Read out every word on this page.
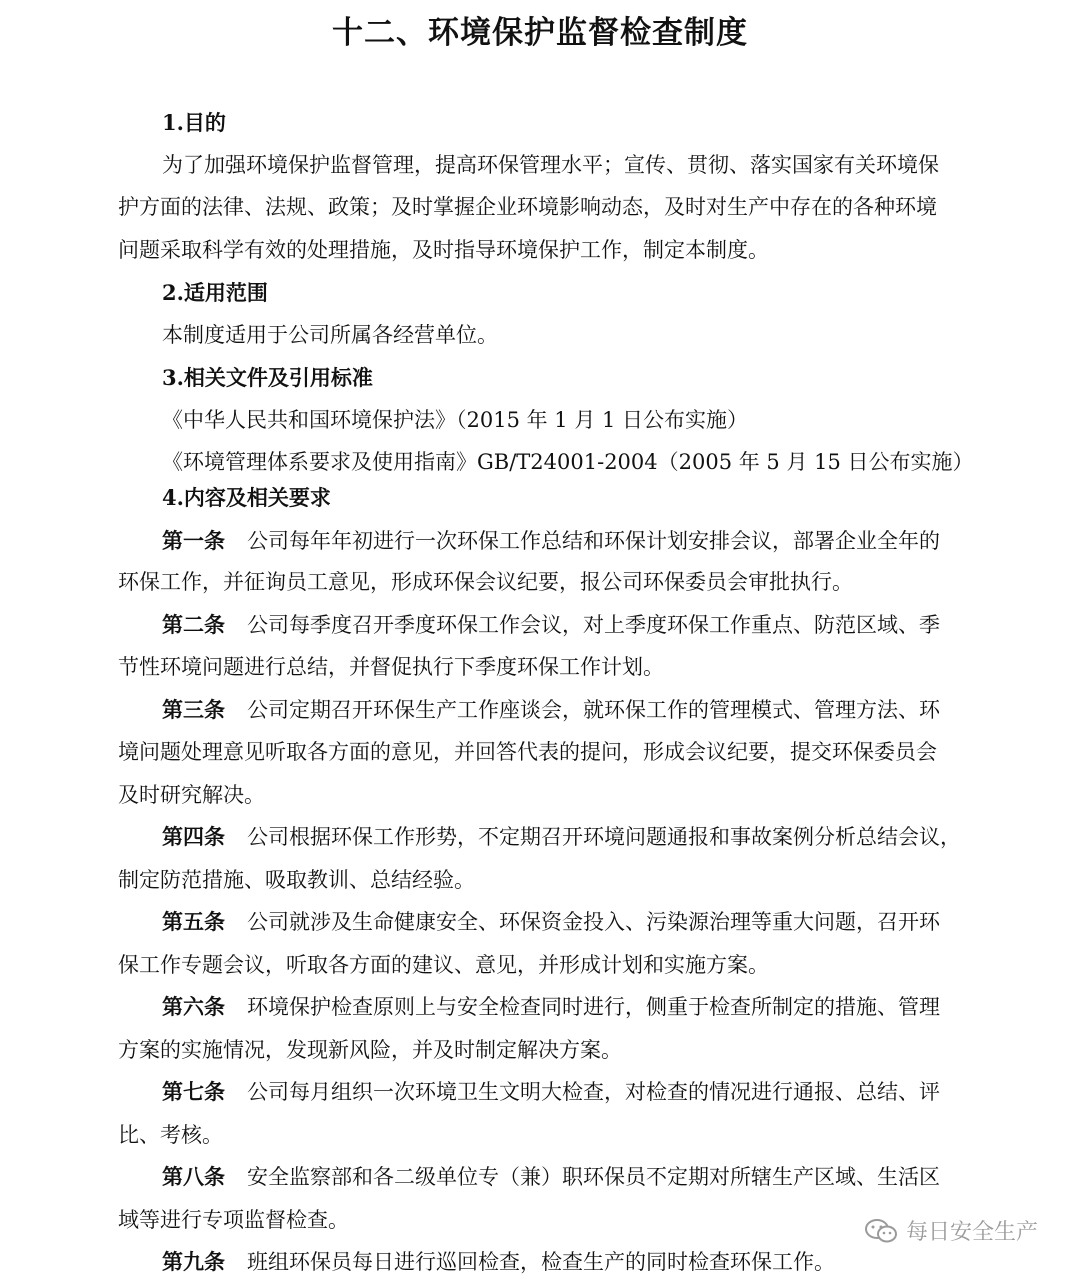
十二、环境保护监督检查制度
1.目的
为了加强环境保护监督管理，提高环保管理水平；宣传、贯彻、落实国家有关环境保
护方面的法律、法规、政策；及时掌握企业环境影响动态，及时对生产中存在的各种环境
问题采取科学有效的处理措施，及时指导环境保护工作，制定本制度。
2.适用范围
本制度适用于公司所属各经营单位。
3.相关文件及引用标准
《中华人民共和国环境保护法》（2015 年 1 月 1 日公布实施）
《环境管理体系要求及使用指南》GB/T24001-2004（2005 年 5 月 15 日公布实施）
4.内容及相关要求
第一条 公司每年年初进行一次环保工作总结和环保计划安排会议，部署企业全年的
环保工作，并征询员工意见，形成环保会议纪要，报公司环保委员会审批执行。
第二条 公司每季度召开季度环保工作会议，对上季度环保工作重点、防范区域、季
节性环境问题进行总结，并督促执行下季度环保工作计划。
第三条 公司定期召开环保生产工作座谈会，就环保工作的管理模式、管理方法、环
境问题处理意见听取各方面的意见，并回答代表的提问，形成会议纪要，提交环保委员会
及时研究解决。
第四条 公司根据环保工作形势，不定期召开环境问题通报和事故案例分析总结会议，
制定防范措施、吸取教训、总结经验。
第五条 公司就涉及生命健康安全、环保资金投入、污染源治理等重大问题，召开环
保工作专题会议，听取各方面的建议、意见，并形成计划和实施方案。
第六条 环境保护检查原则上与安全检查同时进行，侧重于检查所制定的措施、管理
方案的实施情况，发现新风险，并及时制定解决方案。
第七条 公司每月组织一次环境卫生文明大检查，对检查的情况进行通报、总结、评
比、考核。
第八条 安全监察部和各二级单位专（兼）职环保员不定期对所辖生产区域、生活区
域等进行专项监督检查。
第九条 班组环保员每日进行巡回检查，检查生产的同时检查环保工作。
每日安全生产
